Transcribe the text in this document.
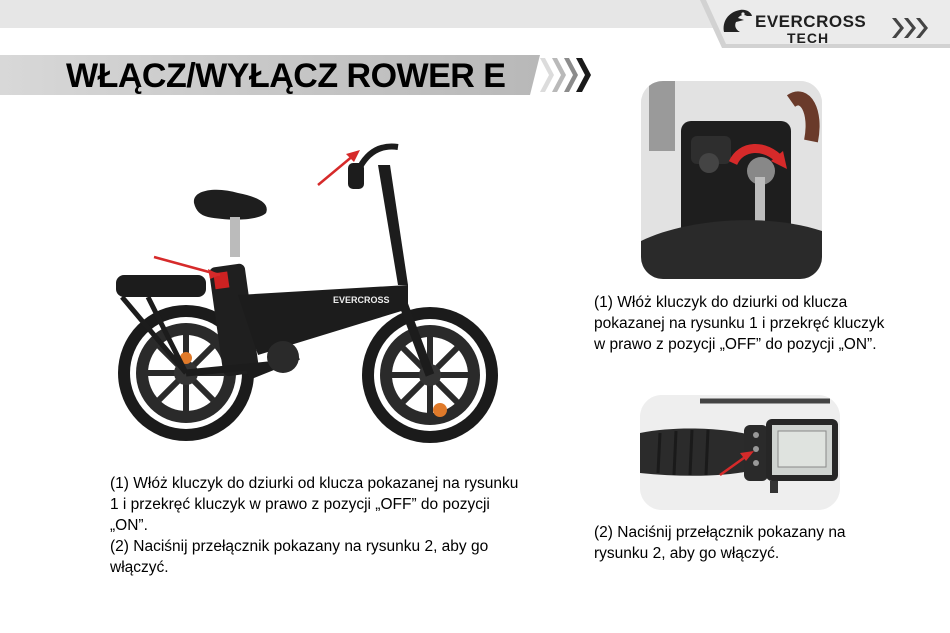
EVERCROSS
TECH
WŁĄCZ/WYŁĄCZ ROWER E
EVERCROSS	(1) Włóż kluczyk do dziurki od klucza pokazanej na rysunku 1 i przekręć kluczyk w prawo z pozycji „OFF” do pozycji „ON”.

(2) Naciśnij przełącznik pokazany na rysunku 2, aby go włączyć.

(1) Włóż kluczyk do dziurki od klucza pokazanej na rysunku 1 i przekręć kluczyk w prawo z pozycji „OFF” do pozycji „ON”.

(2) Naciśnij przełącznik pokazany na rysunku 2, aby go włączyć.
